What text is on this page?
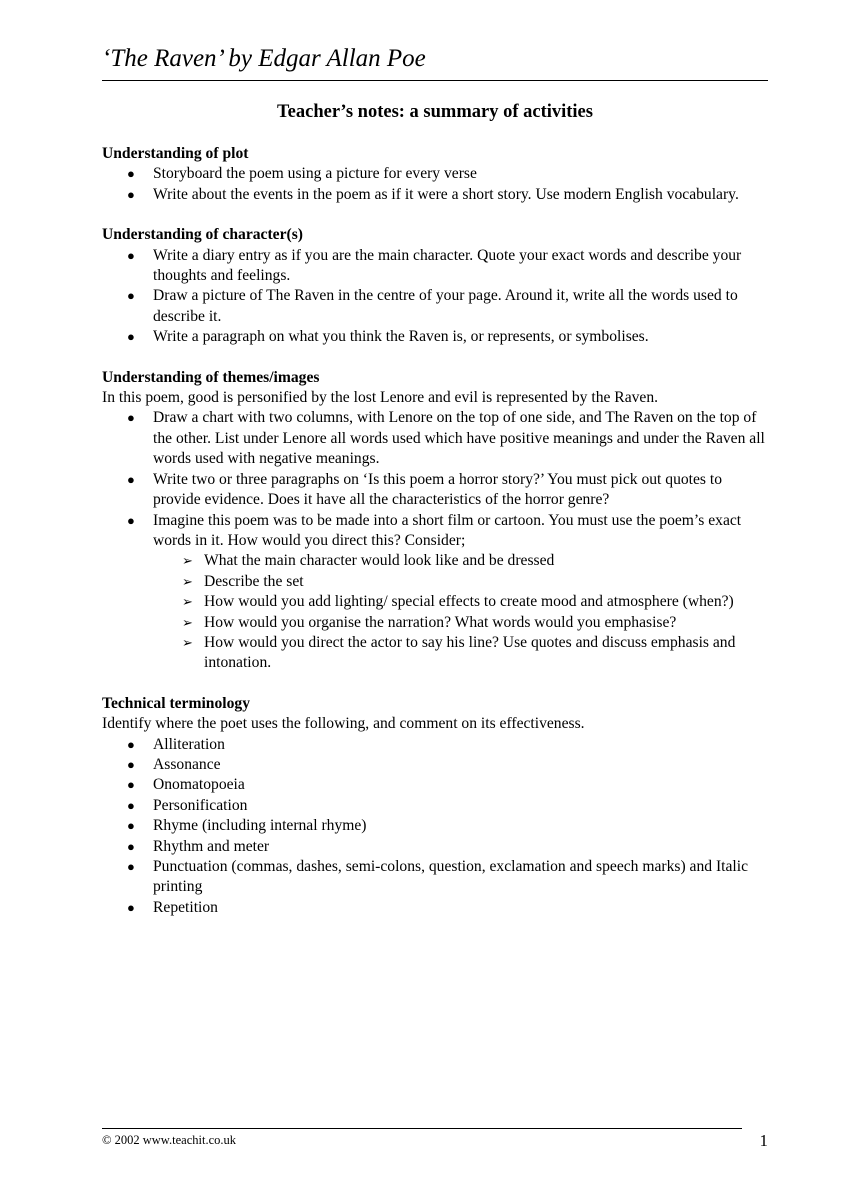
‘The Raven’ by Edgar Allan Poe
Teacher’s notes: a summary of activities

Understanding of plot

● Storyboard the poem using a picture for every verse
● Write about the events in the poem as if it were a short story. Use modern English vocabulary.

Understanding of character(s)

● Write a diary entry as if you are the main character. Quote your exact words and describe your thoughts and feelings.
● Draw a picture of The Raven in the centre of your page. Around it, write all the words used to describe it.
● Write a paragraph on what you think the Raven is, or represents, or symbolises.

Understanding of themes/images

In this poem, good is personified by the lost Lenore and evil is represented by the Raven.

● Draw a chart with two columns, with Lenore on the top of one side, and The Raven on the top of the other. List under Lenore all words used which have positive meanings and under the Raven all words used with negative meanings.
● Write two or three paragraphs on ‘Is this poem a horror story?’ You must pick out quotes to provide evidence. Does it have all the characteristics of the horror genre?
● Imagine this poem was to be made into a short film or cartoon. You must use the poem’s exact words in it. How would you direct this? Consider;
➢ What the main character would look like and be dressed
➢ Describe the set
➢ How would you add lighting/ special effects to create mood and atmosphere (when?)
➢ How would you organise the narration? What words would you emphasise?
➢ How would you direct the actor to say his line? Use quotes and discuss emphasis and intonation.

Technical terminology

Identify where the poet uses the following, and comment on its effectiveness.

● Alliteration
● Assonance
● Onomatopoeia
● Personification
● Rhyme (including internal rhyme)
● Rhythm and meter
● Punctuation (commas, dashes, semi-colons, question, exclamation and speech marks) and Italic printing
● Repetition
© 2002 www.teachit.co.uk	1
